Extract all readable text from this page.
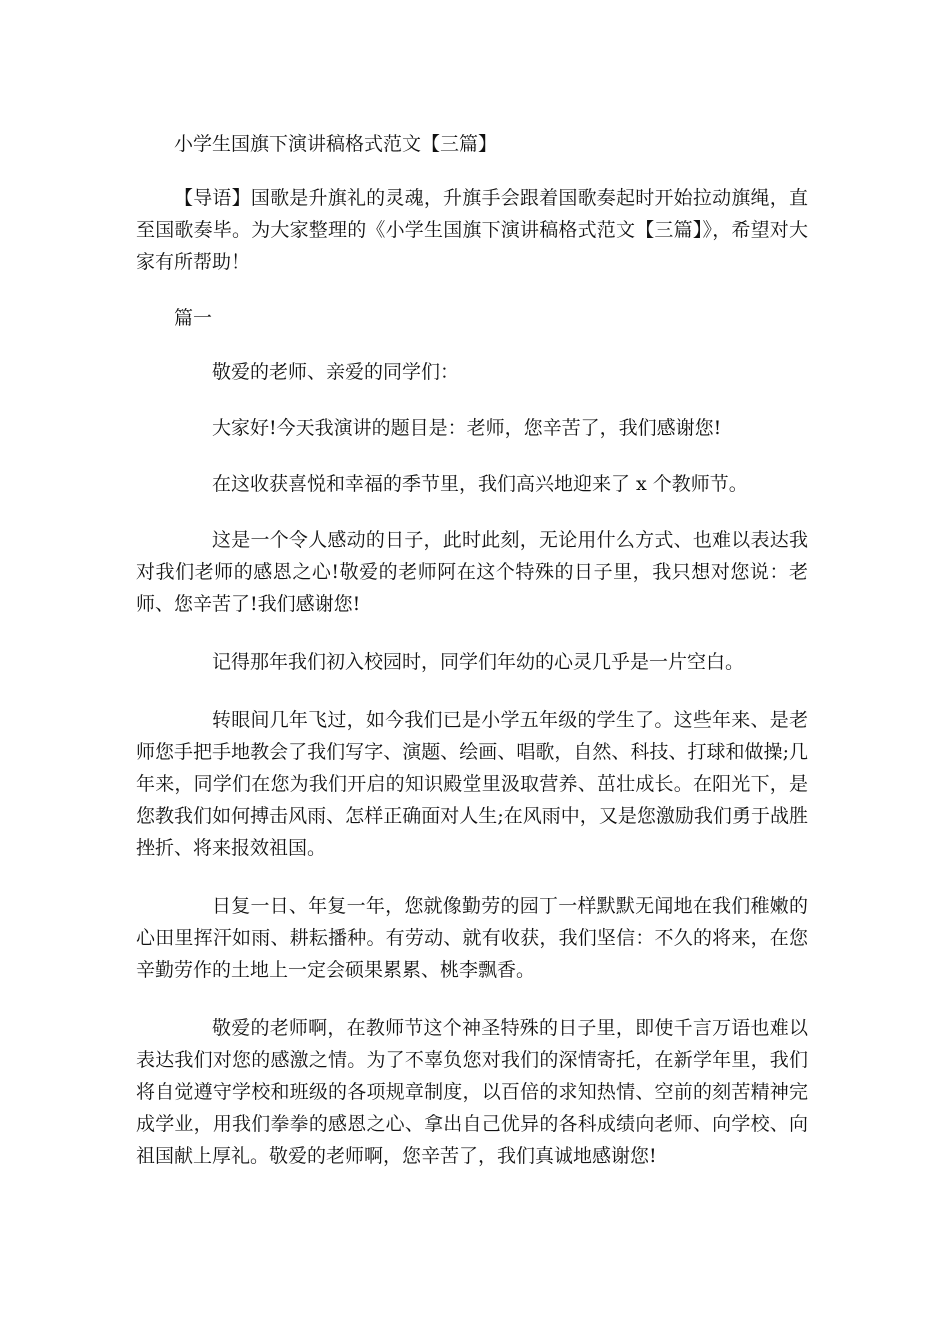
小学生国旗下演讲稿格式范文【三篇】
【导语】国歌是升旗礼的灵魂，升旗手会跟着国歌奏起时开始拉动旗绳，直至国歌奏毕。为大家整理的《小学生国旗下演讲稿格式范文【三篇】》，希望对大家有所帮助！
篇一
敬爱的老师、亲爱的同学们：
大家好!今天我演讲的题目是：老师，您辛苦了，我们感谢您!
在这收获喜悦和幸福的季节里，我们高兴地迎来了 x 个教师节。
这是一个令人感动的日子，此时此刻，无论用什么方式、也难以表达我对我们老师的感恩之心!敬爱的老师阿在这个特殊的日子里，我只想对您说：老师、您辛苦了!我们感谢您!
记得那年我们初入校园时，同学们年幼的心灵几乎是一片空白。
转眼间几年飞过，如今我们已是小学五年级的学生了。这些年来、是老师您手把手地教会了我们写字、演题、绘画、唱歌，自然、科技、打球和做操;几年来，同学们在您为我们开启的知识殿堂里汲取营养、茁壮成长。在阳光下，是您教我们如何搏击风雨、怎样正确面对人生;在风雨中，又是您激励我们勇于战胜挫折、将来报效祖国。
日复一日、年复一年，您就像勤劳的园丁一样默默无闻地在我们稚嫩的心田里挥汗如雨、耕耘播种。有劳动、就有收获，我们坚信：不久的将来，在您辛勤劳作的土地上一定会硕果累累、桃李飘香。
敬爱的老师啊，在教师节这个神圣特殊的日子里，即使千言万语也难以表达我们对您的感激之情。为了不辜负您对我们的深情寄托，在新学年里，我们将自觉遵守学校和班级的各项规章制度，以百倍的求知热情、空前的刻苦精神完成学业，用我们拳拳的感恩之心、拿出自己优异的各科成绩向老师、向学校、向祖国献上厚礼。敬爱的老师啊，您辛苦了，我们真诚地感谢您!
